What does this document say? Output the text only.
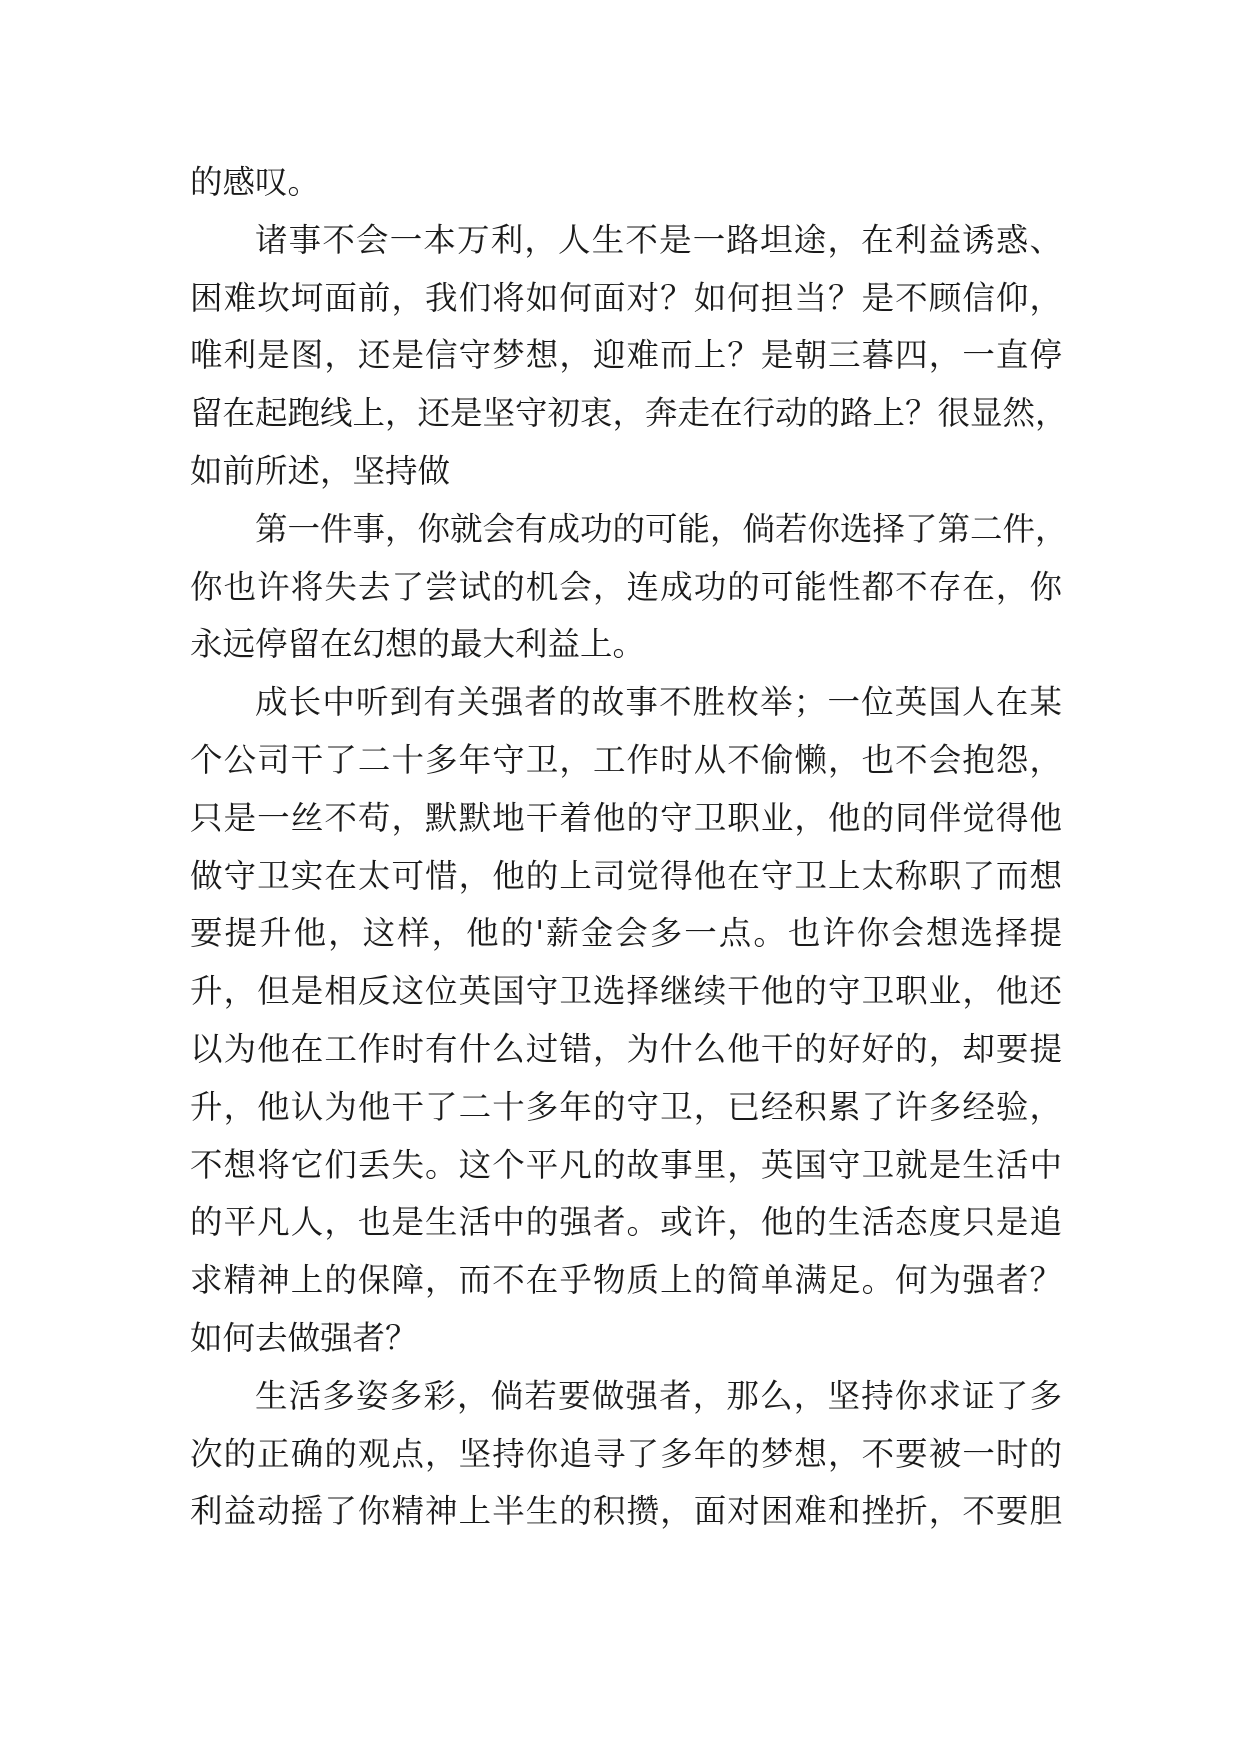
的感叹。
诸事不会一本万利，人生不是一路坦途，在利益诱惑、
困难坎坷面前，我们将如何面对？如何担当？是不顾信仰，
唯利是图，还是信守梦想，迎难而上？是朝三暮四，一直停
留在起跑线上，还是坚守初衷，奔走在行动的路上？很显然，
如前所述，坚持做
第一件事，你就会有成功的可能，倘若你选择了第二件，
你也许将失去了尝试的机会，连成功的可能性都不存在，你
永远停留在幻想的最大利益上。
成长中听到有关强者的故事不胜枚举；一位英国人在某
个公司干了二十多年守卫，工作时从不偷懒，也不会抱怨，
只是一丝不苟，默默地干着他的守卫职业，他的同伴觉得他
做守卫实在太可惜，他的上司觉得他在守卫上太称职了而想
要提升他，这样，他的'薪金会多一点。也许你会想选择提
升，但是相反这位英国守卫选择继续干他的守卫职业，他还
以为他在工作时有什么过错，为什么他干的好好的，却要提
升，他认为他干了二十多年的守卫，已经积累了许多经验，
不想将它们丢失。这个平凡的故事里，英国守卫就是生活中
的平凡人，也是生活中的强者。或许，他的生活态度只是追
求精神上的保障，而不在乎物质上的简单满足。何为强者？
如何去做强者？
生活多姿多彩，倘若要做强者，那么，坚持你求证了多
次的正确的观点，坚持你追寻了多年的梦想，不要被一时的
利益动摇了你精神上半生的积攒，面对困难和挫折，不要胆
